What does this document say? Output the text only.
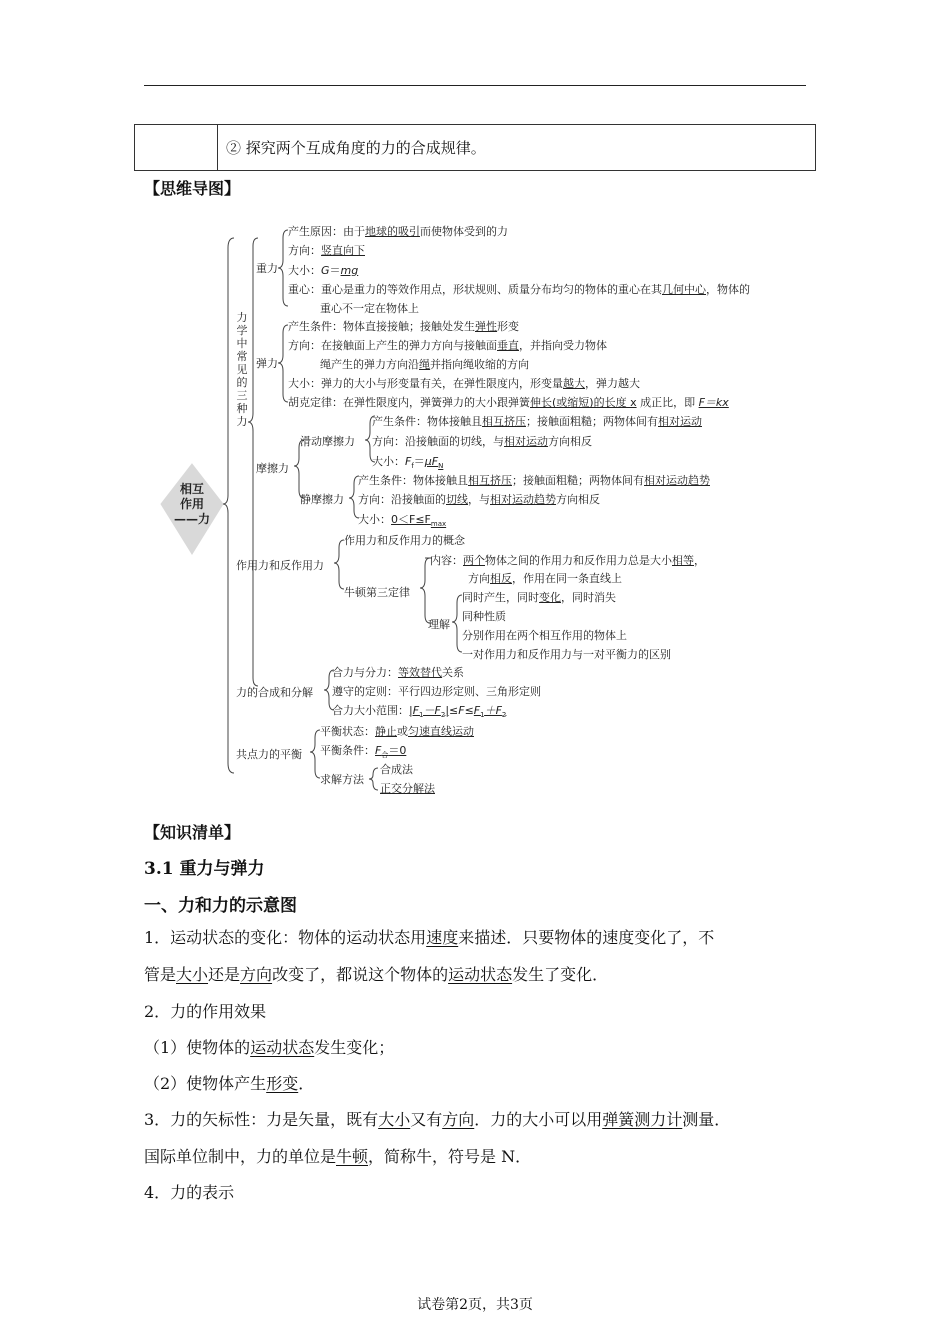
	② 探究两个互成角度的力的合成规律。
【思维导图】
相互
作用
——力
力
学
中
常
见
的
三
种
力
重力
产生原因：由于地球的吸引而使物体受到的力
方向：竖直向下
大小：G＝mg
重心：重心是重力的等效作用点，形状规则、质量分布均匀的物体的重心在其几何中心，物体的
重心不一定在物体上
弹力
产生条件：物体直接接触；接触处发生弹性形变
方向：在接触面上产生的弹力方向与接触面垂直，并指向受力物体
绳产生的弹力方向沿绳并指向绳收缩的方向
大小：弹力的大小与形变量有关，在弹性限度内，形变量越大，弹力越大
胡克定律：在弹性限度内，弹簧弹力的大小跟弹簧伸长(或缩短)的长度 x 成正比，即 F＝kx
摩擦力
滑动摩擦力
产生条件：物体接触且相互挤压；接触面粗糙；两物体间有相对运动
方向：沿接触面的切线，与相对运动方向相反
大小：$F_f=\mu F_N$
静摩擦力
产生条件：物体接触且相互挤压；接触面粗糙；两物体间有相对运动趋势
方向：沿接触面的切线，与相对运动趋势方向相反
大小：$0<F\le F_{max}$
作用力和反作用力
作用力和反作用力的概念
牛顿第三定律
内容：两个物体之间的作用力和反作用力总是大小相等，
方向相反，作用在同一条直线上
理解
同时产生，同时变化，同时消失
同种性质
分别作用在两个相互作用的物体上
一对作用力和反作用力与一对平衡力的区别
力的合成和分解
合力与分力：等效替代关系
遵守的定则：平行四边形定则、三角形定则
合力大小范围：$|F_1-F_2|\le F\le F_1+F_2$
共点力的平衡
平衡状态：静止或匀速直线运动
平衡条件：$F_合=0$
求解方法
合成法
正交分解法
【知识清单】
3.1 重力与弹力
一、力和力的示意图
1．运动状态的变化：物体的运动状态用速度来描述．只要物体的速度变化了，不
管是大小还是方向改变了，都说这个物体的运动状态发生了变化．
2．力的作用效果
（1）使物体的运动状态发生变化；
（2）使物体产生形变．
3．力的矢标性：力是矢量，既有大小又有方向．力的大小可以用弹簧测力计测量．
国际单位制中，力的单位是牛顿，简称牛，符号是 N．
4．力的表示
试卷第2页，共3页
